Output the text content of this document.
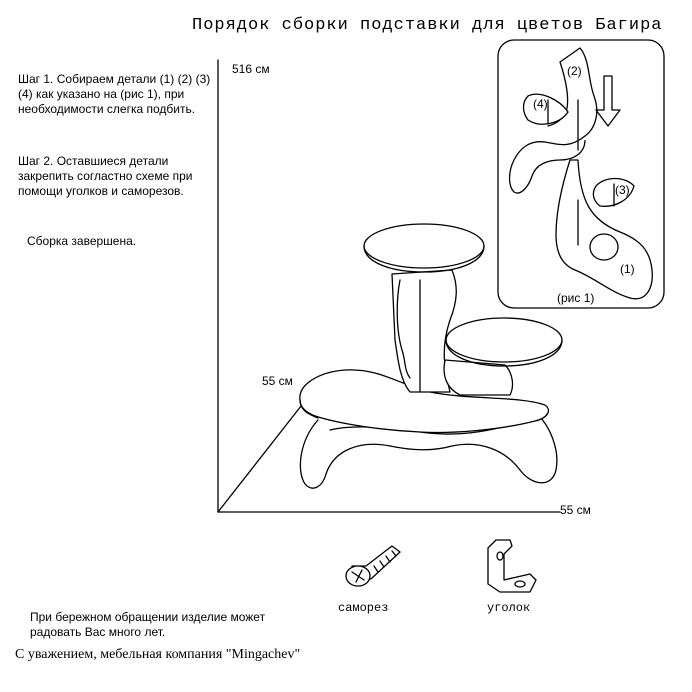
Порядок сборки подставки для цветов Багира
Шаг 1. Собираем детали (1) (2) (3) (4) как указано на (рис 1), при необходимости слегка подбить.
Шаг 2. Оставшиеся детали закрепить согластно схеме при помощи уголков и саморезов.
Сборка завершена.
516 см
55 см
55 см
(2)
(4)
(3)
(1)
(рис 1)
саморез	уголок
При бережном обращении изделие может радовать Вас много лет.
С уважением, мебельная компания "Mingachev"
